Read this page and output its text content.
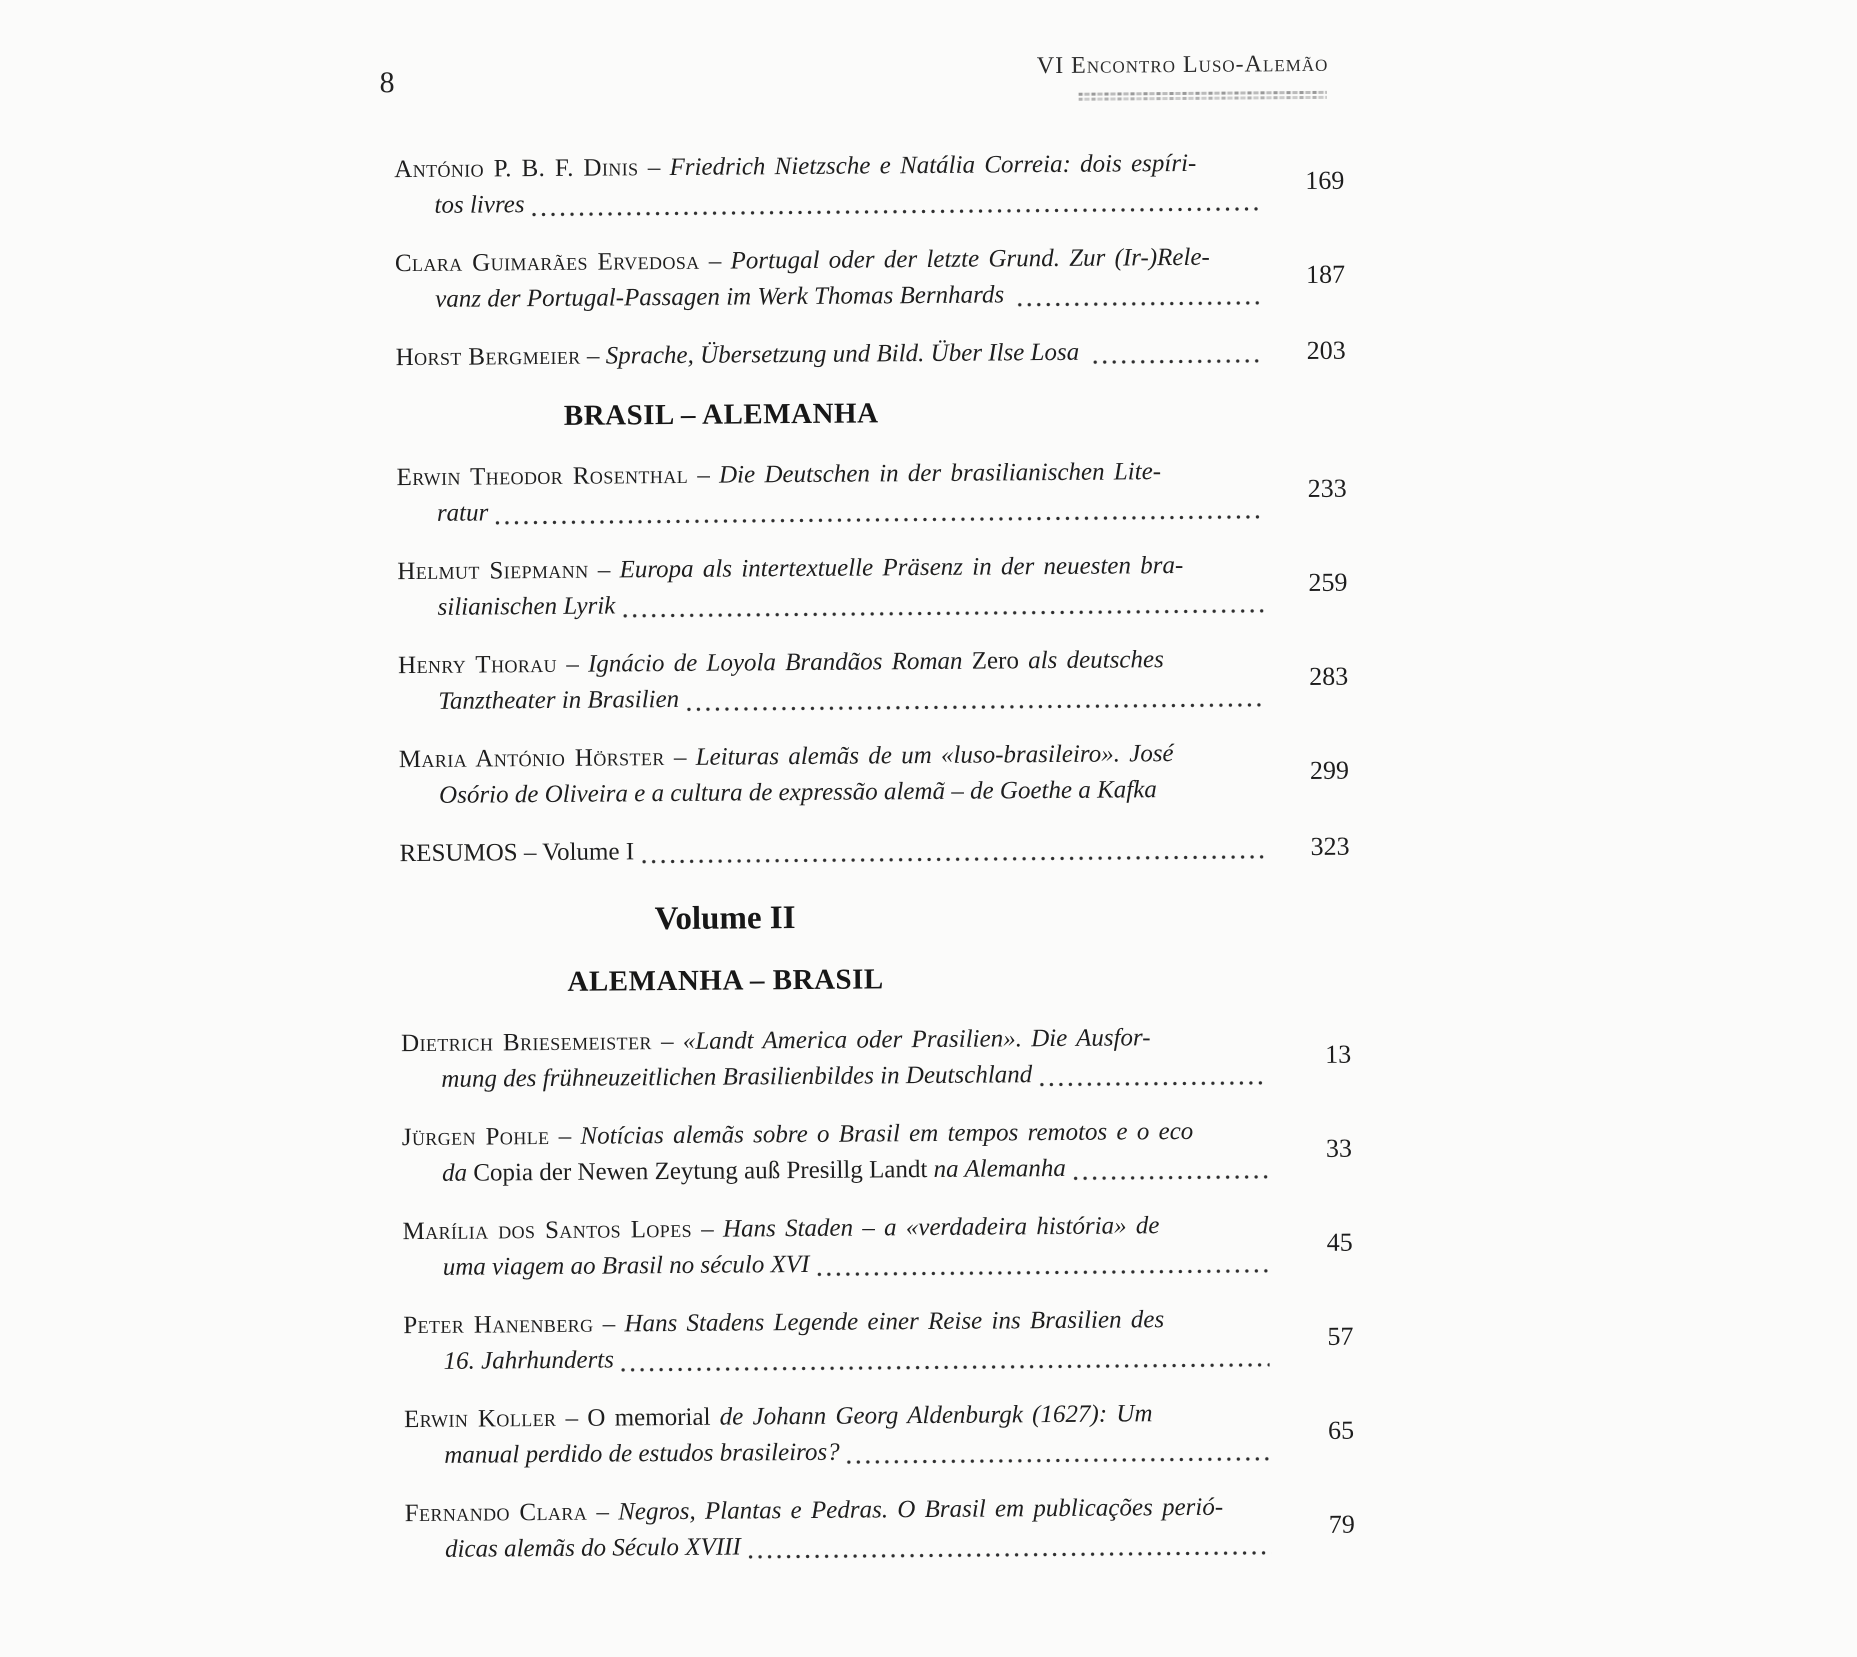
8
VI Encontro Luso-Alemão
António P. B. F. Dinis – Friedrich Nietzsche e Natália Correia: dois espíri-
tos livres
169
Clara Guimarães Ervedosa – Portugal oder der letzte Grund. Zur (Ir-)Rele-
vanz der Portugal-Passagen im Werk Thomas Bernhards
187
Horst Bergmeier – Sprache, Übersetzung und Bild. Über Ilse Losa	203
BRASIL – ALEMANHA
Erwin Theodor Rosenthal – Die Deutschen in der brasilianischen Lite-
ratur
233
Helmut Siepmann – Europa als intertextuelle Präsenz in der neuesten bra-
silianischen Lyrik
259
Henry Thorau – Ignácio de Loyola Brandãos Roman Zero als deutsches
Tanztheater in Brasilien
283
Maria António Hörster – Leituras alemãs de um «luso-brasileiro». José
Osório de Oliveira e a cultura de expressão alemã – de Goethe a Kafka
299
RESUMOS – Volume I	323
Volume II
ALEMANHA – BRASIL
Dietrich Briesemeister – «Landt America oder Prasilien». Die Ausfor-
mung des frühneuzeitlichen Brasilienbildes in Deutschland
13
Jürgen Pohle – Notícias alemãs sobre o Brasil em tempos remotos e o eco
da Copia der Newen Zeytung auß Presillg Landt na Alemanha
33
Marília dos Santos Lopes – Hans Staden – a «verdadeira história» de
uma viagem ao Brasil no século XVI
45
Peter Hanenberg – Hans Stadens Legende einer Reise ins Brasilien des
16. Jahrhunderts
57
Erwin Koller – O memorial de Johann Georg Aldenburgk (1627): Um
manual perdido de estudos brasileiros?
65
Fernando Clara – Negros, Plantas e Pedras. O Brasil em publicações perió-
dicas alemãs do Século XVIII
79
